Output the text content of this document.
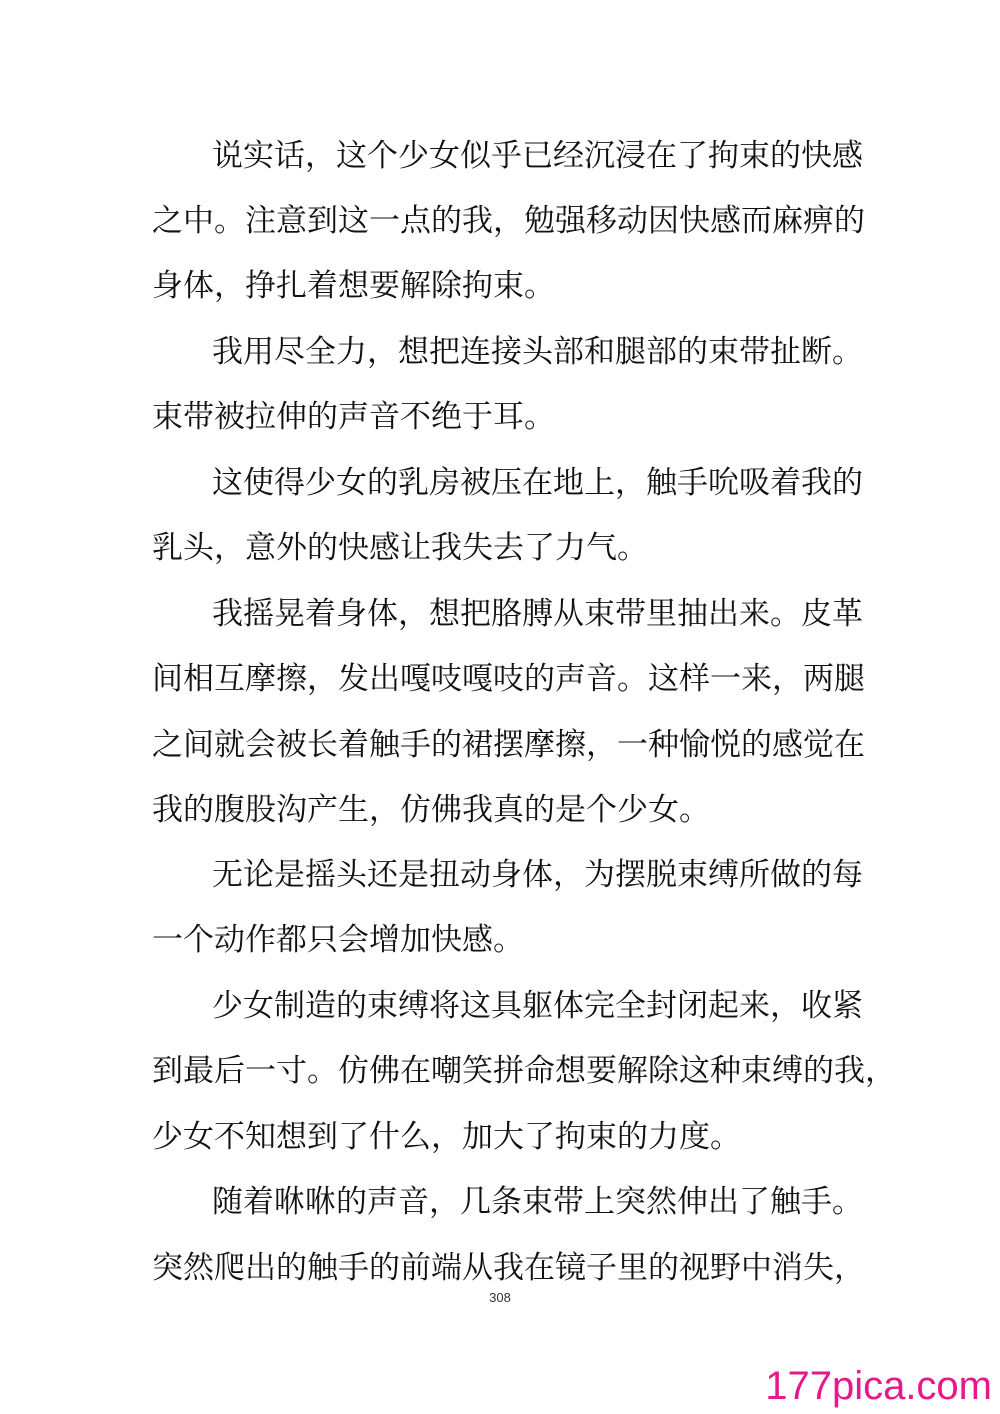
说实话，这个少女似乎已经沉浸在了拘束的快感
之中。注意到这一点的我，勉强移动因快感而麻痹的
身体，挣扎着想要解除拘束。
我用尽全力，想把连接头部和腿部的束带扯断。
束带被拉伸的声音不绝于耳。
这使得少女的乳房被压在地上，触手吮吸着我的
乳头，意外的快感让我失去了力气。
我摇晃着身体，想把胳膊从束带里抽出来。皮革
间相互摩擦，发出嘎吱嘎吱的声音。这样一来，两腿
之间就会被长着触手的裙摆摩擦，一种愉悦的感觉在
我的腹股沟产生，仿佛我真的是个少女。
无论是摇头还是扭动身体，为摆脱束缚所做的每
一个动作都只会增加快感。
少女制造的束缚将这具躯体完全封闭起来，收紧
到最后一寸。仿佛在嘲笑拼命想要解除这种束缚的我，
少女不知想到了什么，加大了拘束的力度。
随着咻咻的声音，几条束带上突然伸出了触手。
突然爬出的触手的前端从我在镜子里的视野中消失，
308
177pica.com
